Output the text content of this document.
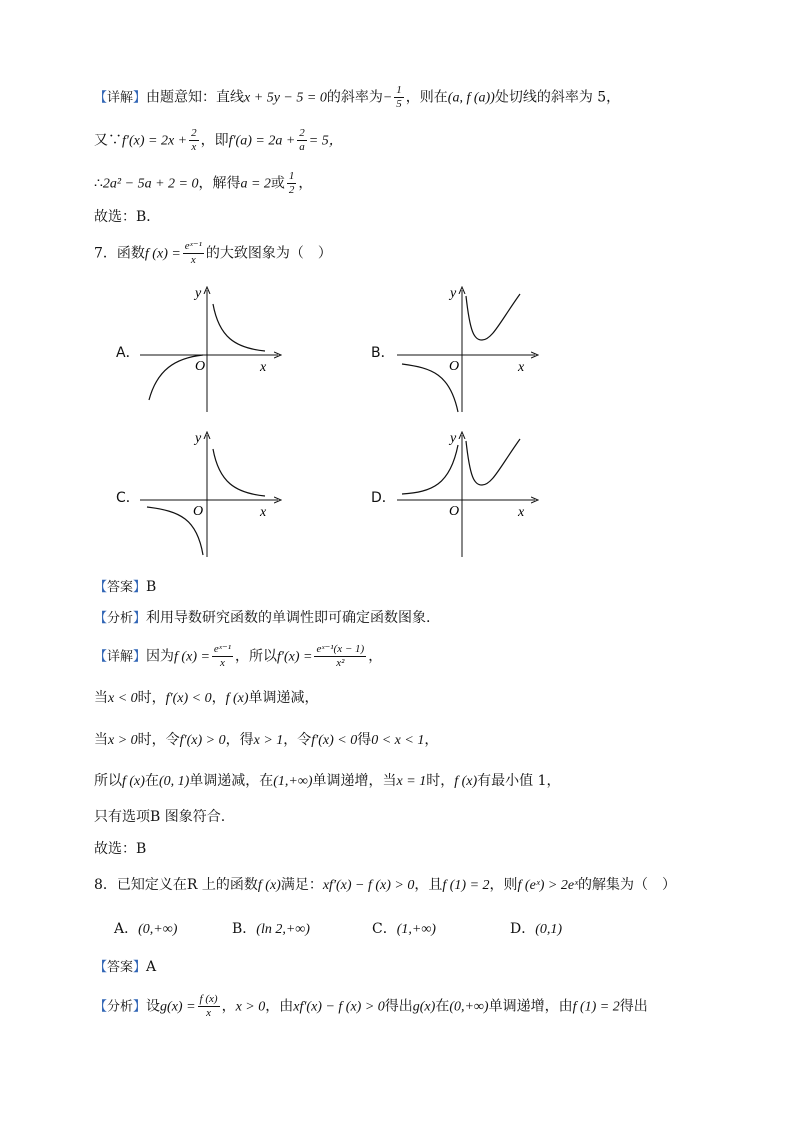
【详解】由题意知：直线x + 5y − 5 = 0的斜率为− $\frac{1}{5}$ ，则在(a, f (a))处切线的斜率为 5，
又∵f′(x) = $2x + \frac{2}{x}$ ，即$f'(a) = 2a + \frac{2}{a} = 5$，
∴2a² − 5a + 2 = 0，解得a = 2或 $\frac{1}{2}$ ，
故选：B．
7．函数f $(x) = \frac{\text{eˣ⁻¹}}{x}$ 的大致图象为（　）
A．	B．
C．	D．
O	x
y
O	x
y
O	x
y
O	x
y
【答案】B
【分析】利用导数研究函数的单调性即可确定函数图象.
【详解】因为f $(x) = \frac{\text{eˣ⁻¹}}{x}$ ，所以$f'(x) = \frac{\text{eˣ⁻¹(x − 1)}}{\text{x²}}$ ，
当x < 0时，f′(x) < 0，f (x)单调递减，
当x > 0时，令f′(x) > 0，得x > 1，令f′(x) < 0得0 < x < 1，
所以f (x)在(0, 1)单调递减，在(1,+∞)单调递增，当x = 1时，f (x)有最小值 1，
只有选项B 图象符合.
故选：B
8．已知定义在R 上的函数f (x)满足：xf′(x) − f (x) > 0，且f (1) = 2，则f (eˣ) > 2eˣ的解集为（　）
A．(0,+∞)	B．(ln 2,+∞)	C．(1,+∞)	D．(0,1)
【答案】A
【分析】设$g(x) = \frac{f (x)}{x}$ ，x > 0，由xf′(x) − f (x) > 0得出g(x)在(0,+∞)单调递增，由f (1) = 2得出
